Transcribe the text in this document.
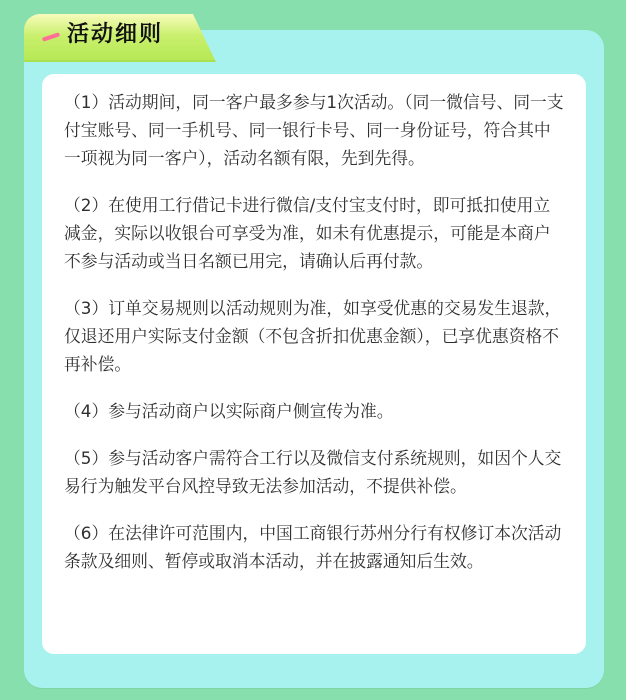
活动细则

（1）活动期间，同一客户最多参与1次活动。（同一微信号、同一支付宝账号、同一手机号、同一银行卡号、同一身份证号，符合其中一项视为同一客户），活动名额有限，先到先得。

（2）在使用工行借记卡进行微信/支付宝支付时，即可抵扣使用立减金，实际以收银台可享受为准，如未有优惠提示，可能是本商户不参与活动或当日名额已用完，请确认后再付款。

（3）订单交易规则以活动规则为准，如享受优惠的交易发生退款，仅退还用户实际支付金额（不包含折扣优惠金额），已享优惠资格不再补偿。

（4）参与活动商户以实际商户侧宣传为准。

（5）参与活动客户需符合工行以及微信支付系统规则，如因个人交易行为触发平台风控导致无法参加活动，不提供补偿。

（6）在法律许可范围内，中国工商银行苏州分行有权修订本次活动条款及细则、暂停或取消本活动，并在披露通知后生效。
